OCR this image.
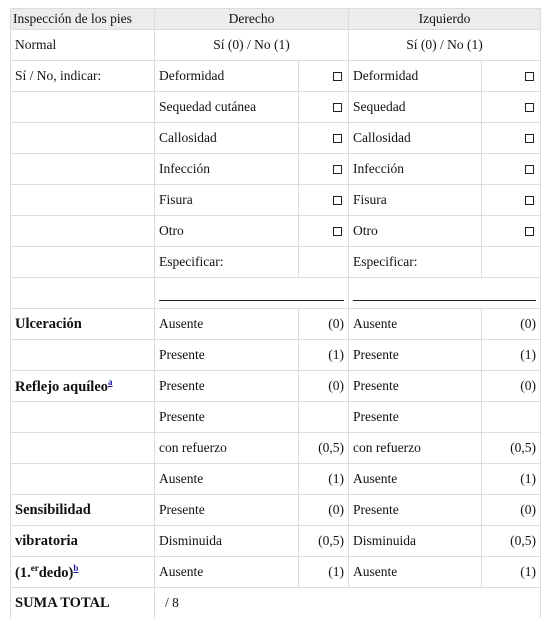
Inspección de los pies	Derecho		Izquierdo	
Normal	Sí (0) / No (1)		Sí (0) / No (1)	
Sí / No, indicar:	Deformidad		Deformidad	
	Sequedad cutánea		Sequedad	
	Callosidad		Callosidad	
	Infección		Infección	
	Fisura		Fisura	
	Otro		Otro	
	Especificar:		Especificar:	

Ulceración	Ausente	(0)	Ausente	(0)
	Presente	(1)	Presente	(1)
Reflejo aquíleo$^a$	Presente	(0)	Presente	(0)
	Presente		Presente	
	con refuerzo	(0,5)	con refuerzo	(0,5)
	Ausente	(1)	Ausente	(1)
Sensibilidad	Presente	(0)	Presente	(0)
vibratoria	Disminuida	(0,5)	Disminuida	(0,5)
(1.$^{er}$dedo)$^b$	Ausente	(1)	Ausente	(1)
SUMA TOTAL	/ 8			
